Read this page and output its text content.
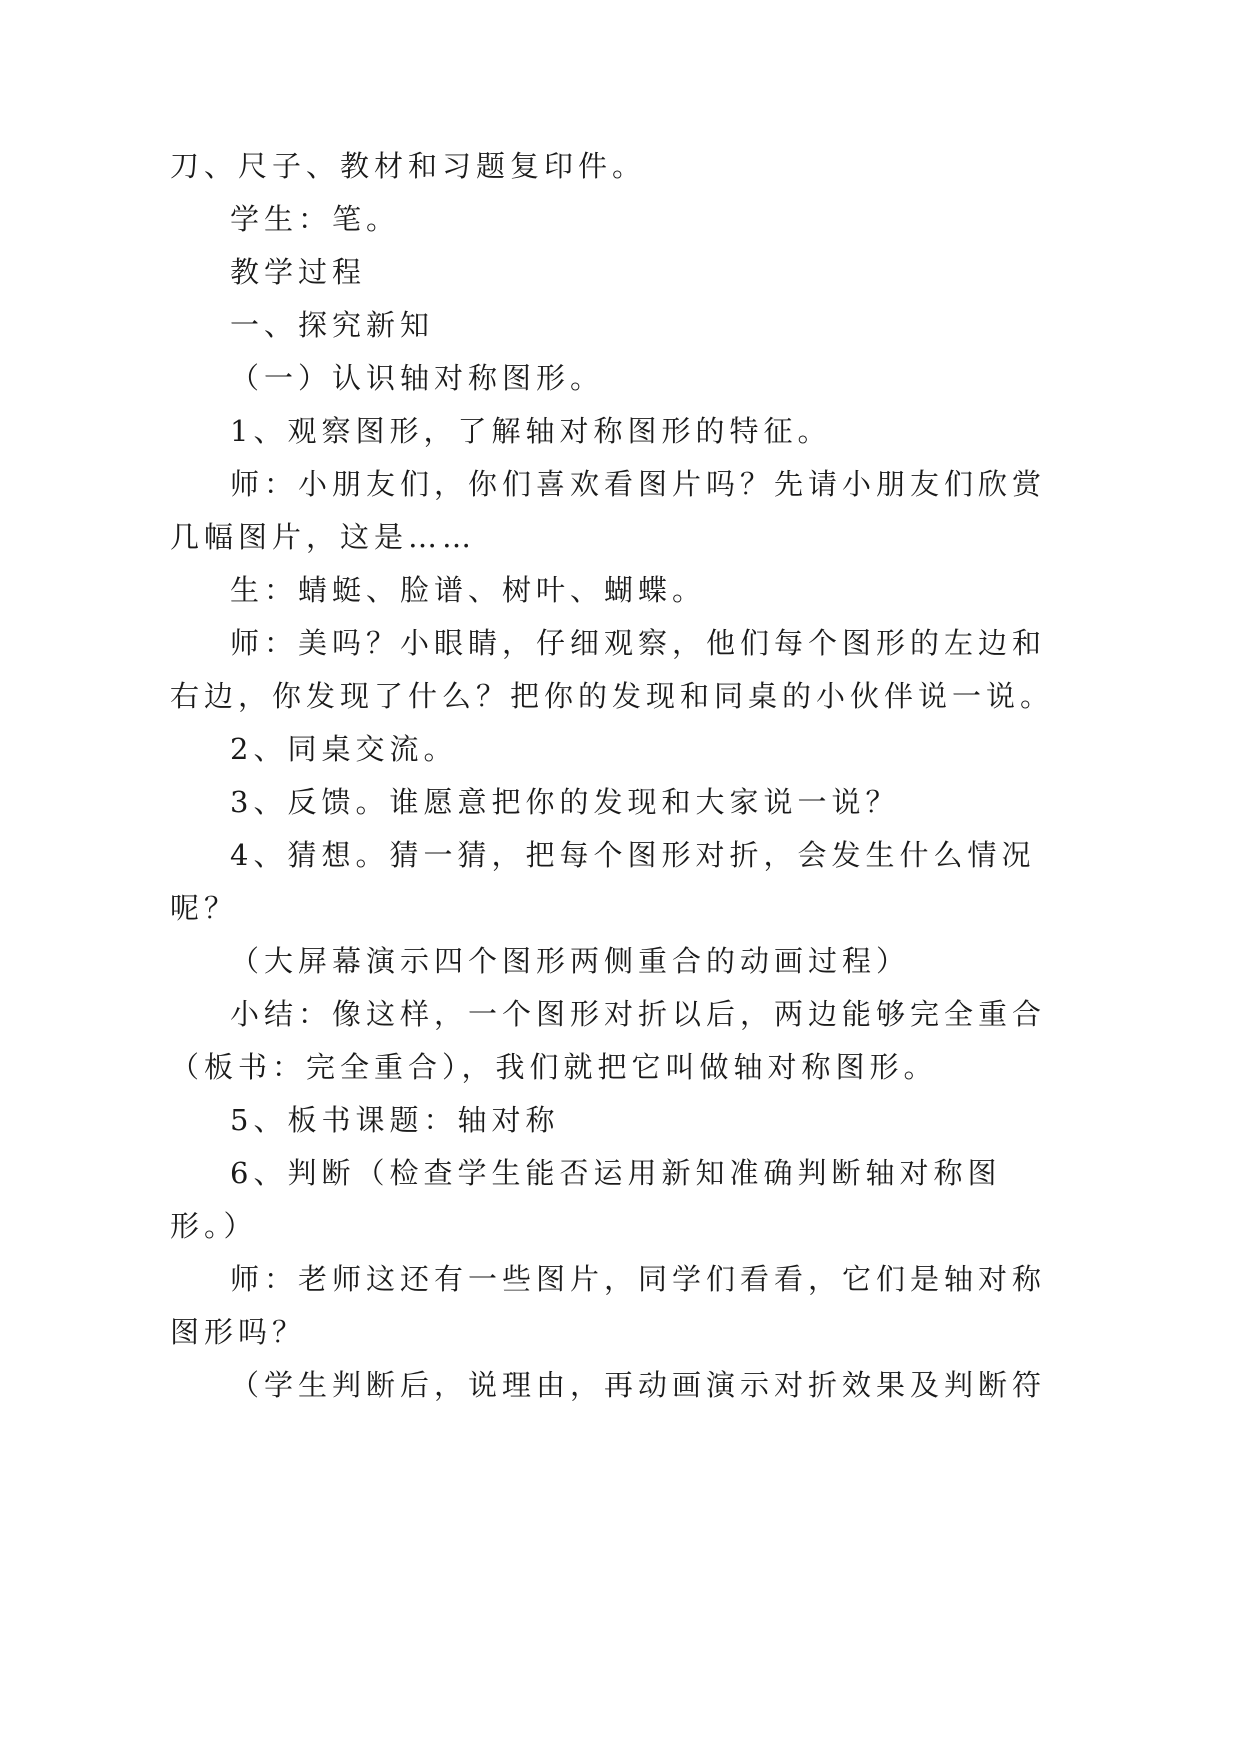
刀、尺子、教材和习题复印件。
学生：笔。
教学过程
一、探究新知
（一）认识轴对称图形。
1、观察图形，了解轴对称图形的特征。
师：小朋友们，你们喜欢看图片吗？先请小朋友们欣赏
几幅图片，这是……
生：蜻蜓、脸谱、树叶、蝴蝶。
师：美吗？小眼睛，仔细观察，他们每个图形的左边和
右边，你发现了什么？把你的发现和同桌的小伙伴说一说。
2、同桌交流。
3、反馈。谁愿意把你的发现和大家说一说？
4、猜想。猜一猜，把每个图形对折，会发生什么情况
呢？
（大屏幕演示四个图形两侧重合的动画过程）
小结：像这样，一个图形对折以后，两边能够完全重合
（板书：完全重合），我们就把它叫做轴对称图形。
5、板书课题：轴对称
6、判断（检查学生能否运用新知准确判断轴对称图
形。）
师：老师这还有一些图片，同学们看看，它们是轴对称
图形吗？
（学生判断后，说理由，再动画演示对折效果及判断符
